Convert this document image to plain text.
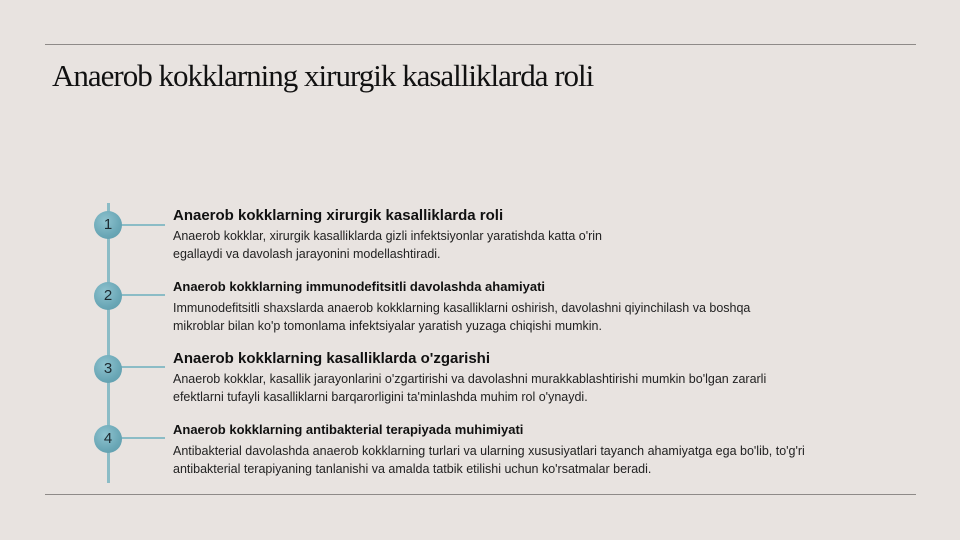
Anaerob kokklarning xirurgik kasalliklarda roli
1

Anaerob kokklarning xirurgik kasalliklarda roli

Anaerob kokklar, xirurgik kasalliklarda gizli infektsiyonlar yaratishda katta o'rin
egallaydi va davolash jarayonini modellashtiradi.

2

Anaerob kokklarning immunodefitsitli davolashda ahamiyati

Immunodefitsitli shaxslarda anaerob kokklarning kasalliklarni oshirish, davolashni qiyinchilash va boshqa
mikroblar bilan ko'p tomonlama infektsiyalar yaratish yuzaga chiqishi mumkin.

3

Anaerob kokklarning kasalliklarda o'zgarishi

Anaerob kokklar, kasallik jarayonlarini o'zgartirishi va davolashni murakkablashtirishi mumkin bo'lgan zararli
efektlarni tufayli kasalliklarni barqarorligini ta'minlashda muhim rol o'ynaydi.

4

Anaerob kokklarning antibakterial terapiyada muhimiyati

Antibakterial davolashda anaerob kokklarning turlari va ularning xususiyatlari tayanch ahamiyatga ega bo'lib, to'g'ri
antibakterial terapiyaning tanlanishi va amalda tatbik etilishi uchun ko'rsatmalar beradi.
